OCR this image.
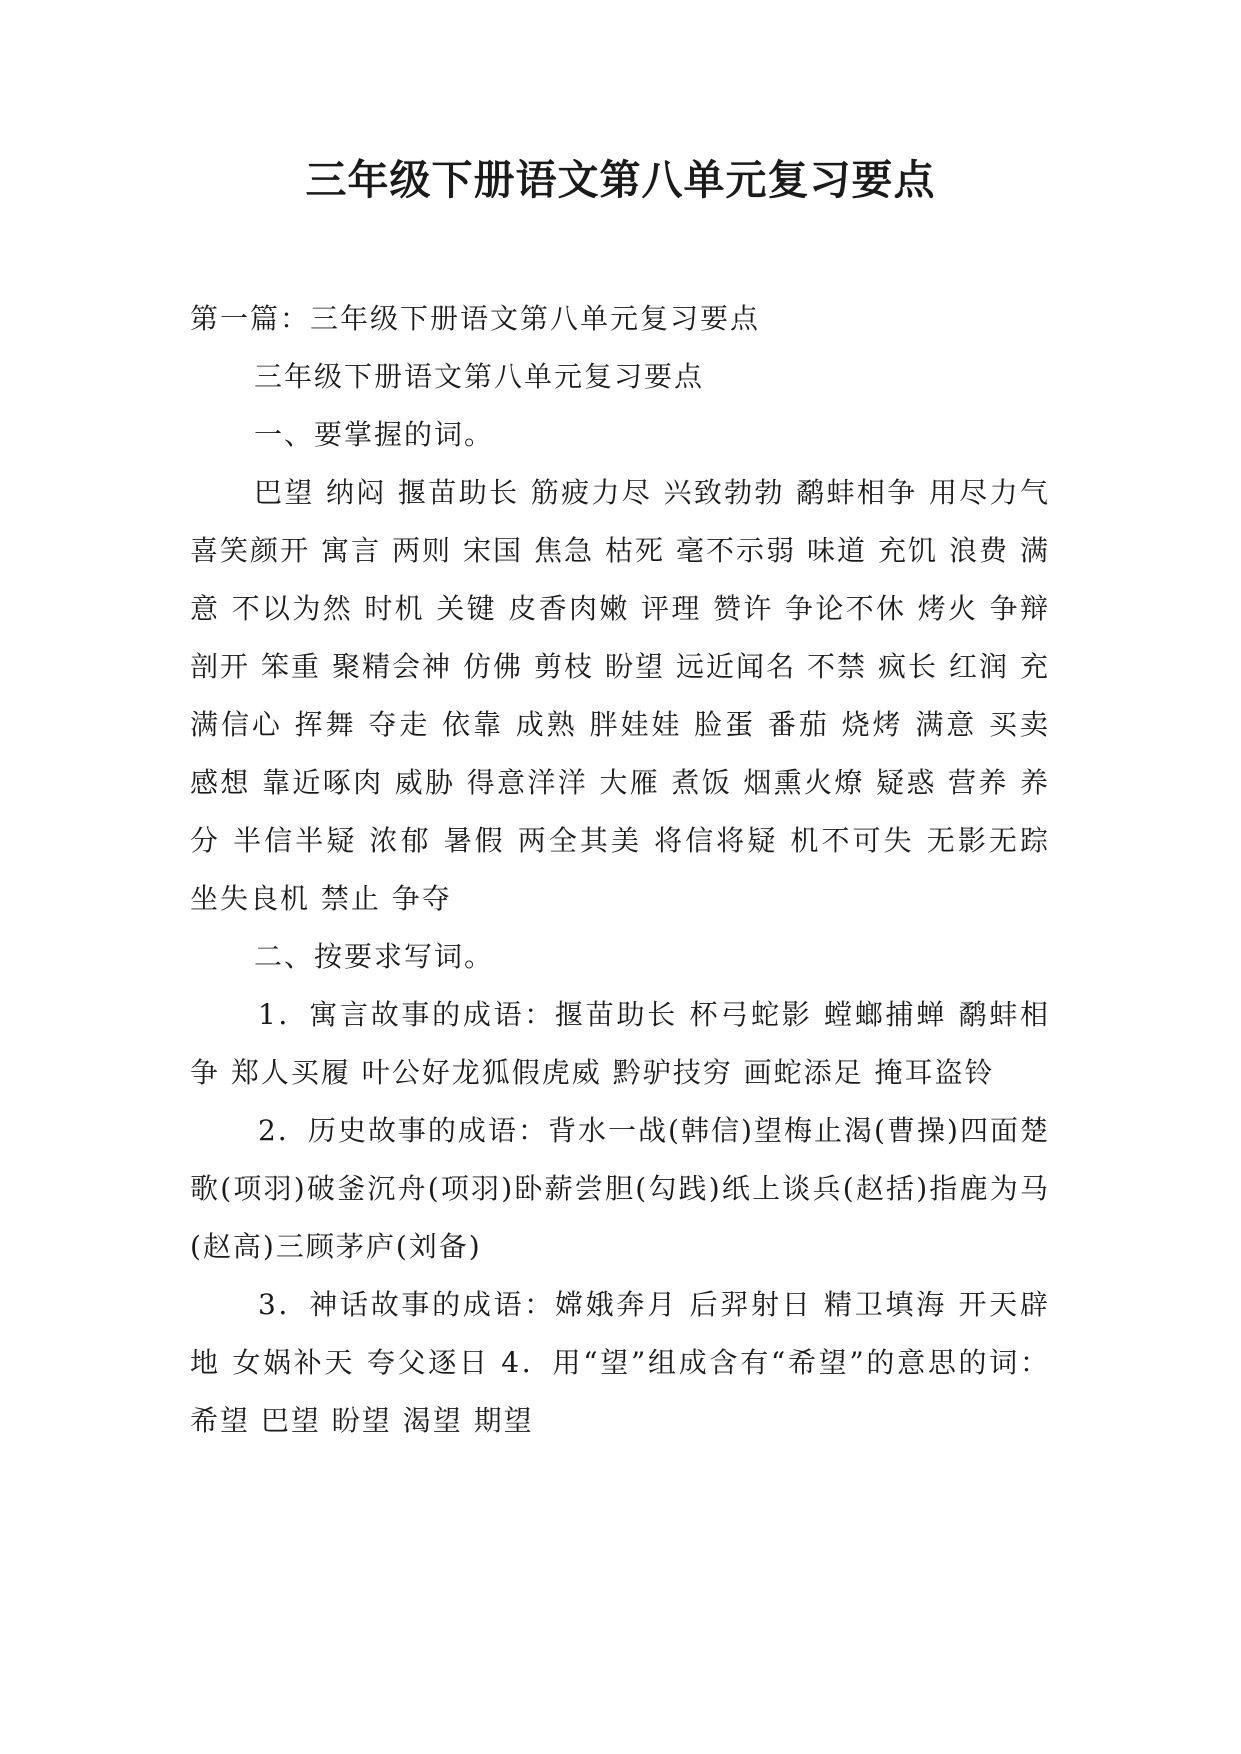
三年级下册语文第八单元复习要点

第一篇：三年级下册语文第八单元复习要点

三年级下册语文第八单元复习要点

一、要掌握的词。

巴望 纳闷 揠苗助长 筋疲力尽 兴致勃勃 鹬蚌相争 用尽力气 喜笑颜开 寓言 两则 宋国 焦急 枯死 毫不示弱 味道 充饥 浪费 满意 不以为然 时机 关键 皮香肉嫩 评理 赞许 争论不休 烤火 争辩 剖开 笨重 聚精会神 仿佛 剪枝 盼望 远近闻名 不禁 疯长 红润 充满信心 挥舞 夺走 依靠 成熟 胖娃娃 脸蛋 番茄 烧烤 满意 买卖 感想 靠近啄肉 威胁 得意洋洋 大雁 煮饭 烟熏火燎 疑惑 营养 养分 半信半疑 浓郁 暑假 两全其美 将信将疑 机不可失 无影无踪 坐失良机 禁止 争夺

二、按要求写词。

1．寓言故事的成语：揠苗助长 杯弓蛇影 螳螂捕蝉 鹬蚌相争 郑人买履 叶公好龙狐假虎威 黔驴技穷 画蛇添足 掩耳盗铃

2．历史故事的成语：背水一战(韩信)望梅止渴(曹操)四面楚歌(项羽)破釜沉舟(项羽)卧薪尝胆(勾践)纸上谈兵(赵括)指鹿为马(赵高)三顾茅庐(刘备)

3．神话故事的成语：嫦娥奔月 后羿射日 精卫填海 开天辟地 女娲补天 夸父逐日 4．用“望”组成含有“希望”的意思的词：希望 巴望 盼望 渴望 期望
